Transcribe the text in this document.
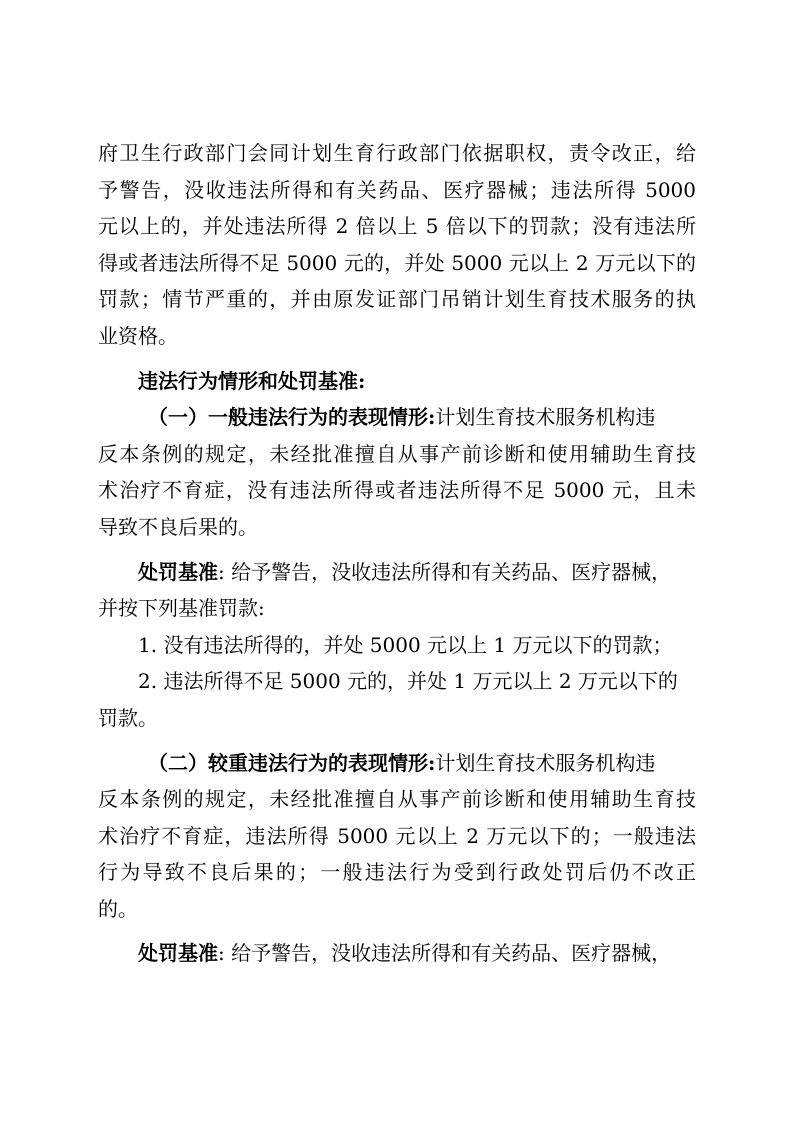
府卫生行政部门会同计划生育行政部门依据职权，责令改正，给
予警告，没收违法所得和有关药品、医疗器械；违法所得 5000
元以上的，并处违法所得 2 倍以上 5 倍以下的罚款；没有违法所
得或者违法所得不足 5000 元的，并处 5000 元以上 2 万元以下的
罚款；情节严重的，并由原发证部门吊销计划生育技术服务的执
业资格。
违法行为情形和处罚基准:
（一）一般违法行为的表现情形:计划生育技术服务机构违
反本条例的规定，未经批准擅自从事产前诊断和使用辅助生育技
术治疗不育症，没有违法所得或者违法所得不足 5000 元，且未
导致不良后果的。
处罚基准: 给予警告，没收违法所得和有关药品、医疗器械，
并按下列基准罚款:
1. 没有违法所得的，并处 5000 元以上 1 万元以下的罚款；
2. 违法所得不足 5000 元的，并处 1 万元以上 2 万元以下的
罚款。
（二）较重违法行为的表现情形:计划生育技术服务机构违
反本条例的规定，未经批准擅自从事产前诊断和使用辅助生育技
术治疗不育症，违法所得 5000 元以上 2 万元以下的；一般违法
行为导致不良后果的；一般违法行为受到行政处罚后仍不改正
的。
处罚基准: 给予警告，没收违法所得和有关药品、医疗器械，
